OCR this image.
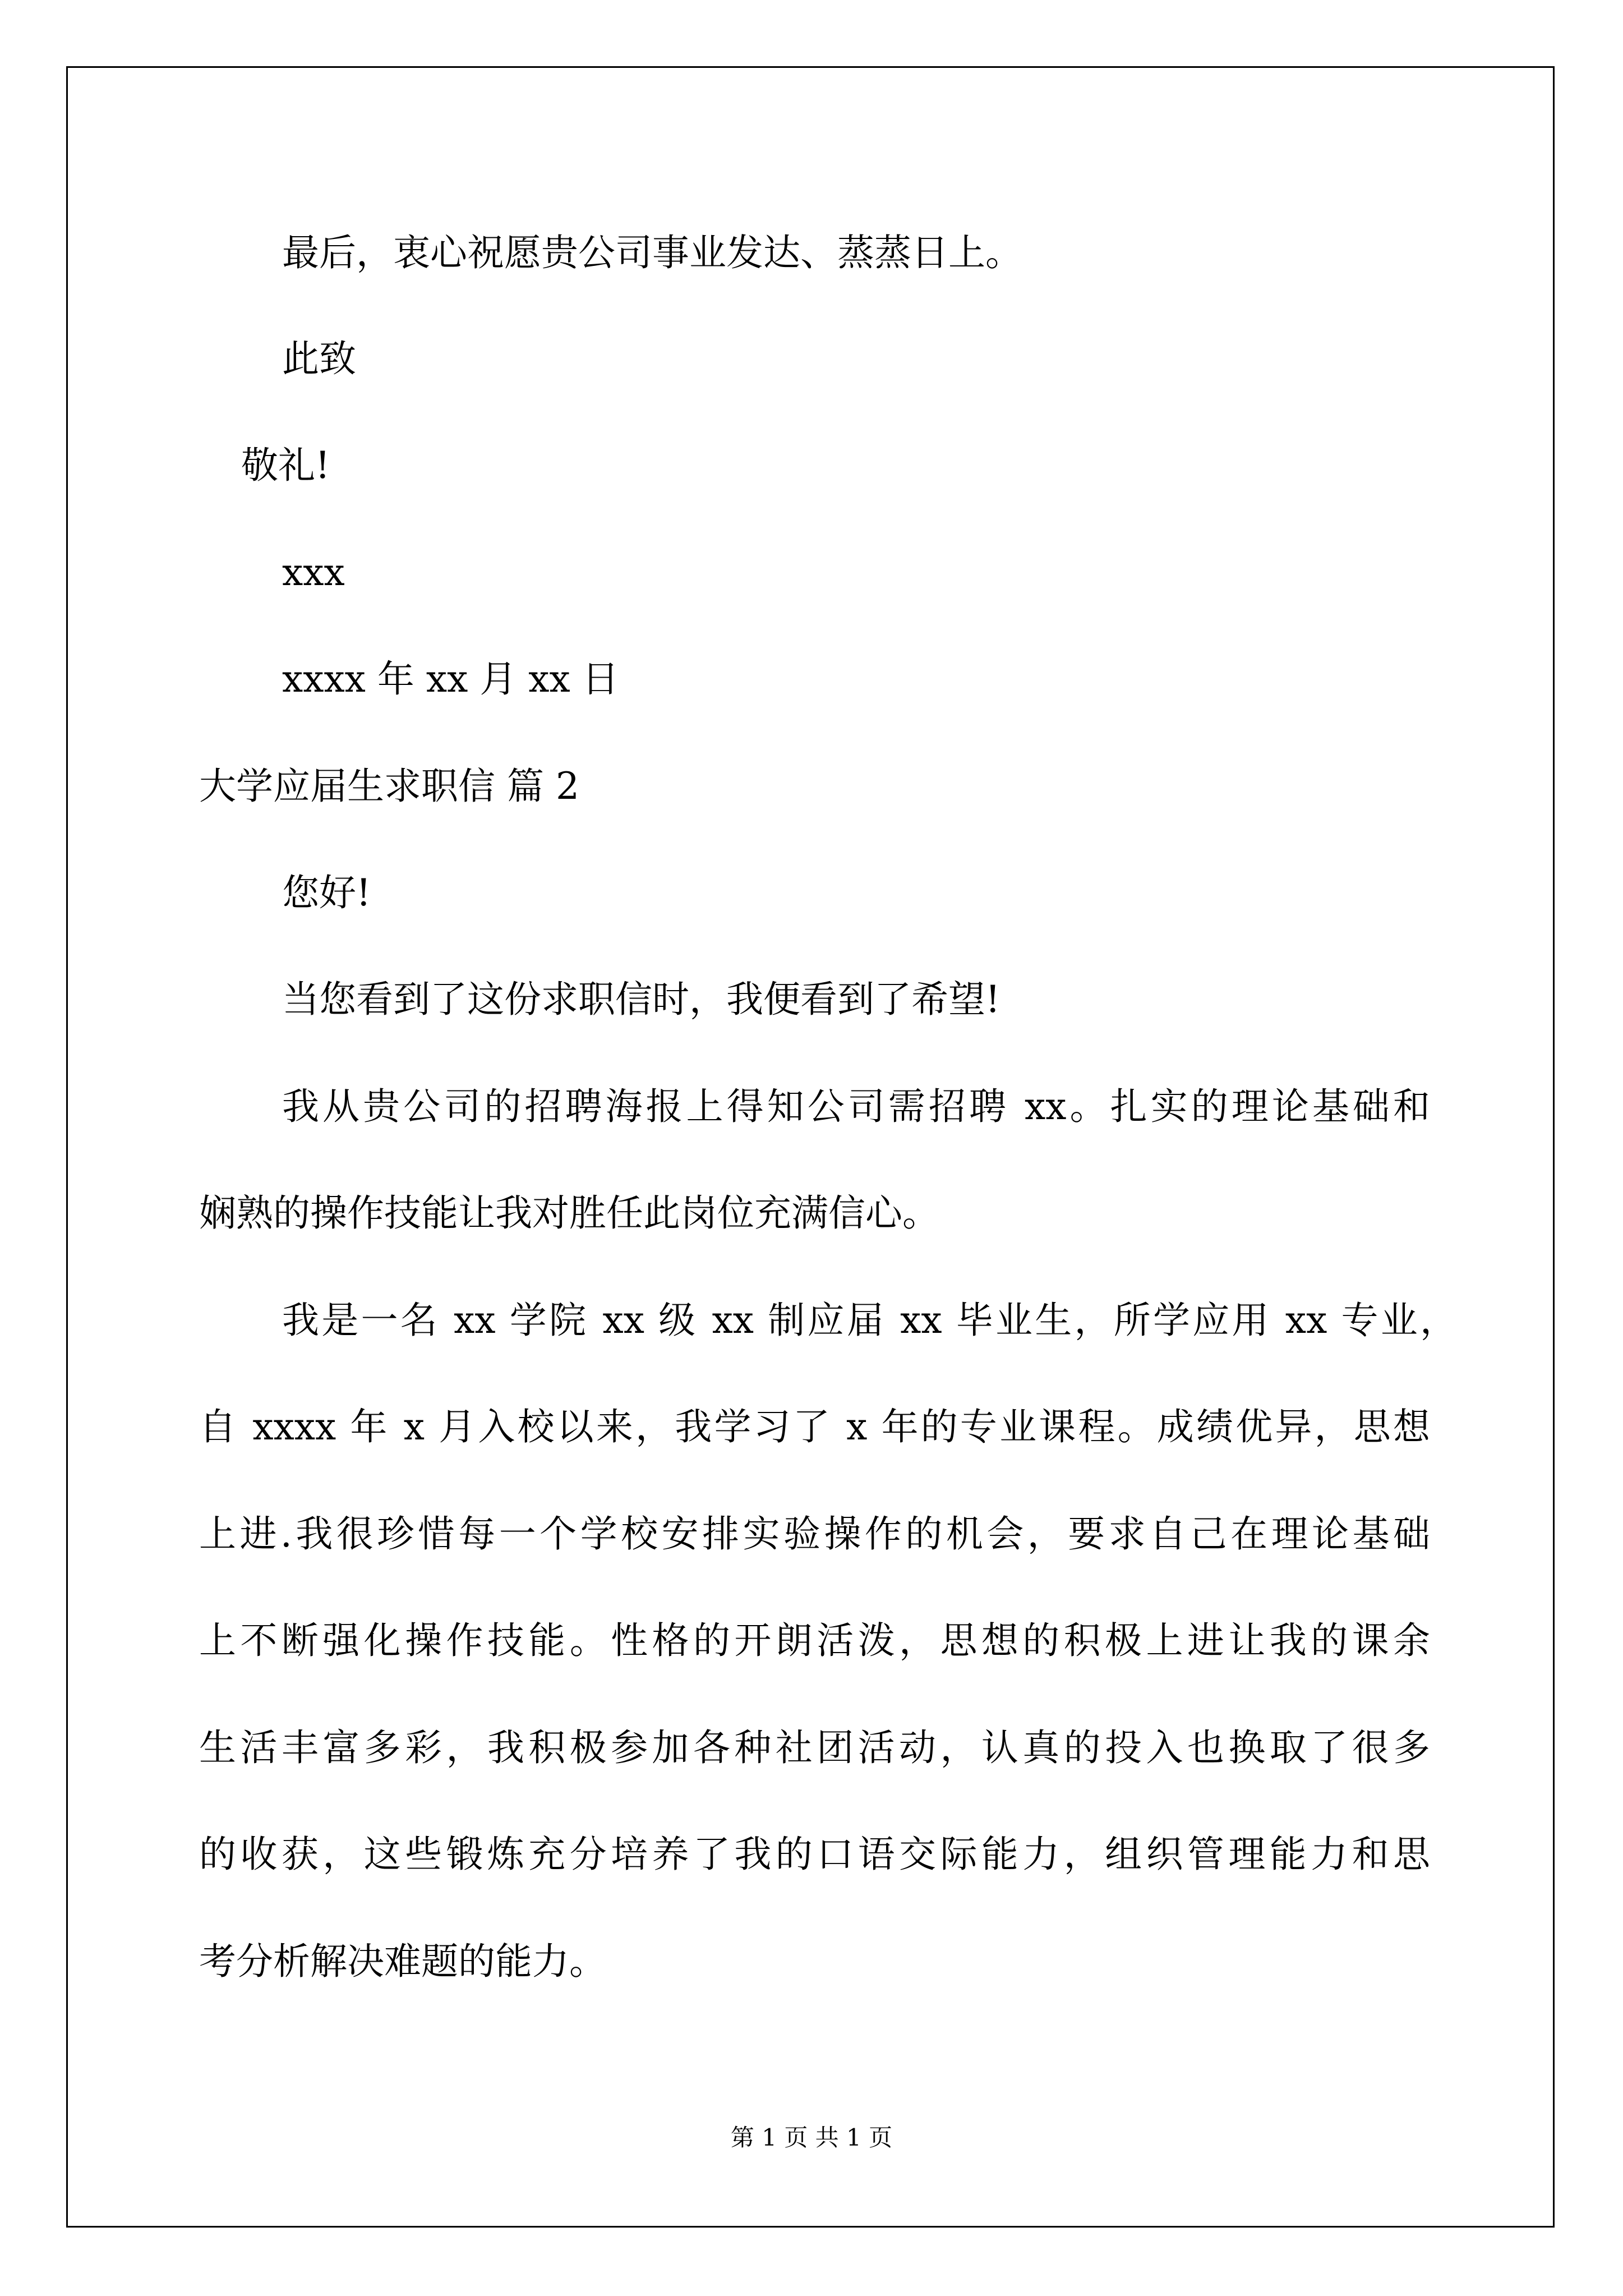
最后，衷心祝愿贵公司事业发达、蒸蒸日上。

此致

敬礼!

xxx

xxxx 年 xx 月 xx 日

大学应届生求职信 篇 2

您好!

当您看到了这份求职信时，我便看到了希望!

我从贵公司的招聘海报上得知公司需招聘 xx。扎实的理论基础和

娴熟的操作技能让我对胜任此岗位充满信心。

我是一名 xx 学院 xx 级 xx 制应届 xx 毕业生，所学应用 xx 专业，

自 xxxx 年 x 月入校以来，我学习了 x 年的专业课程。成绩优异，思想

上进.我很珍惜每一个学校安排实验操作的机会，要求自己在理论基础

上不断强化操作技能。性格的开朗活泼，思想的积极上进让我的课余

生活丰富多彩，我积极参加各种社团活动，认真的投入也换取了很多

的收获，这些锻炼充分培养了我的口语交际能力，组织管理能力和思

考分析解决难题的能力。

第 1 页 共 1 页
